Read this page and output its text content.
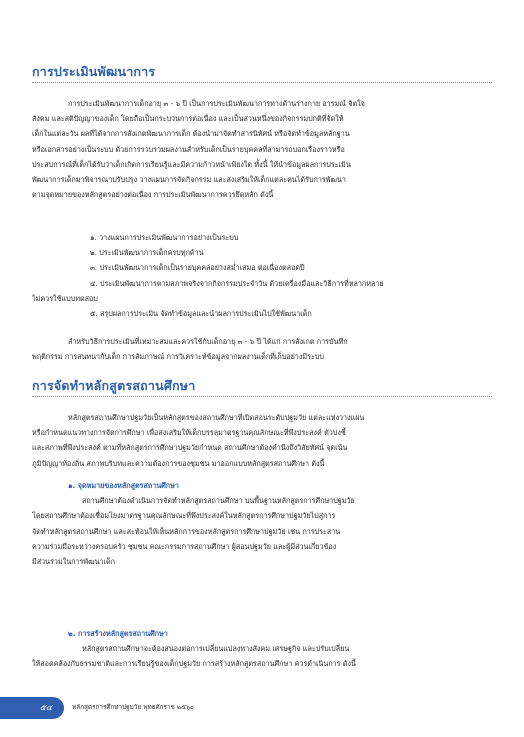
การประเมินพัฒนาการ
การประเมินพัฒนาการเด็กอายุ ๓ - ๖ ปี เป็นการประเมินพัฒนาการทางด้านร่างกาย อารมณ์ จิตใจ
สังคม และสติปัญญาของเด็ก โดยถือเป็นกระบวนการต่อเนื่อง และเป็นส่วนหนึ่งของกิจกรรมปกติที่จัดให้
เด็กในแต่ละวัน ผลที่ได้จากการสังเกตพัฒนาการเด็ก ต้องนำมาจัดทำสารนิทัศน์ หรือจัดทำข้อมูลหลักฐาน
หรือเอกสารอย่างเป็นระบบ ด้วยการรวบรวมผลงานสำหรับเด็กเป็นรายบุคคลที่สามารถบอกเรื่องราวหรือ
ประสบการณ์ที่เด็กได้รับว่าเด็กเกิดการเรียนรู้และมีความก้าวหน้าเพียงใด ทั้งนี้ ให้นำข้อมูลผลการประเมิน
พัฒนาการเด็กมาพิจารณาปรับปรุง วางแผนการจัดกิจกรรม และส่งเสริมให้เด็กแต่ละคนได้รับการพัฒนา
ตามจุดหมายของหลักสูตรอย่างต่อเนื่อง การประเมินพัฒนาการควรยึดหลัก ดังนี้
๑. วางแผนการประเมินพัฒนาการอย่างเป็นระบบ
๒. ประเมินพัฒนาการเด็กครบทุกด้าน
๓. ประเมินพัฒนาการเด็กเป็นรายบุคคลอย่างสม่ำเสมอ ต่อเนื่องตลอดปี
๔. ประเมินพัฒนาการตามสภาพจริงจากกิจกรรมประจำวัน ด้วยเครื่องมือและวิธีการที่หลากหลาย
ไม่ควรใช้แบบทดสอบ
๕. สรุปผลการประเมิน จัดทำข้อมูลและนำผลการประเมินไปใช้พัฒนาเด็ก
สำหรับวิธีการประเมินที่เหมาะสมและควรใช้กับเด็กอายุ ๓ - ๖ ปี ได้แก่ การสังเกต การบันทึก
พฤติกรรม การสนทนากับเด็ก การสัมภาษณ์ การวิเคราะห์ข้อมูลจากผลงานเด็กที่เก็บอย่างมีระบบ
การจัดทำหลักสูตรสถานศึกษา
หลักสูตรสถานศึกษาปฐมวัยเป็นหลักสูตรของสถานศึกษาที่เปิดสอนระดับปฐมวัย แต่ละแห่งวางแผน
หรือกำหนดแนวทางการจัดการศึกษา เพื่อส่งเสริมให้เด็กบรรลุมาตรฐานคุณลักษณะที่พึงประสงค์ ตัวบ่งชี้
และสภาพที่พึงประสงค์ ตามที่หลักสูตรการศึกษาปฐมวัยกำหนด สถานศึกษาต้องคำนึงถึงวิสัยทัศน์ จุดเน้น
ภูมิปัญญาท้องถิ่น สภาพบริบทและความต้องการของชุมชน มาออกแบบหลักสูตรสถานศึกษา ดังนี้
๑. จุดหมายของหลักสูตรสถานศึกษา
สถานศึกษาต้องดำเนินการจัดทำหลักสูตรสถานศึกษา บนพื้นฐานหลักสูตรการศึกษาปฐมวัย
โดยสถานศึกษาต้องเชื่อมโยงมาตรฐานคุณลักษณะที่พึงประสงค์ในหลักสูตรการศึกษาปฐมวัยไปสู่การ
จัดทำหลักสูตรสถานศึกษา และสะท้อนให้เห็นหลักการของหลักสูตรการศึกษาปฐมวัย เช่น การประสาน
ความร่วมมือระหว่างครอบครัว ชุมชน คณะกรรมการสถานศึกษา ผู้สอนปฐมวัย และผู้มีส่วนเกี่ยวข้อง
มีส่วนร่วมในการพัฒนาเด็ก
๒. การสร้างหลักสูตรสถานศึกษา
หลักสูตรสถานศึกษาจะต้องสนองต่อการเปลี่ยนแปลงทางสังคม เศรษฐกิจ และปรับเปลี่ยน
ให้สอดคล้องกับธรรมชาติและการเรียนรู้ของเด็กปฐมวัย การสร้างหลักสูตรสถานศึกษา ควรดำเนินการ ดังนี้
๕๔	หลักสูตรการศึกษาปฐมวัย พุทธศักราช ๒๕๖๐
